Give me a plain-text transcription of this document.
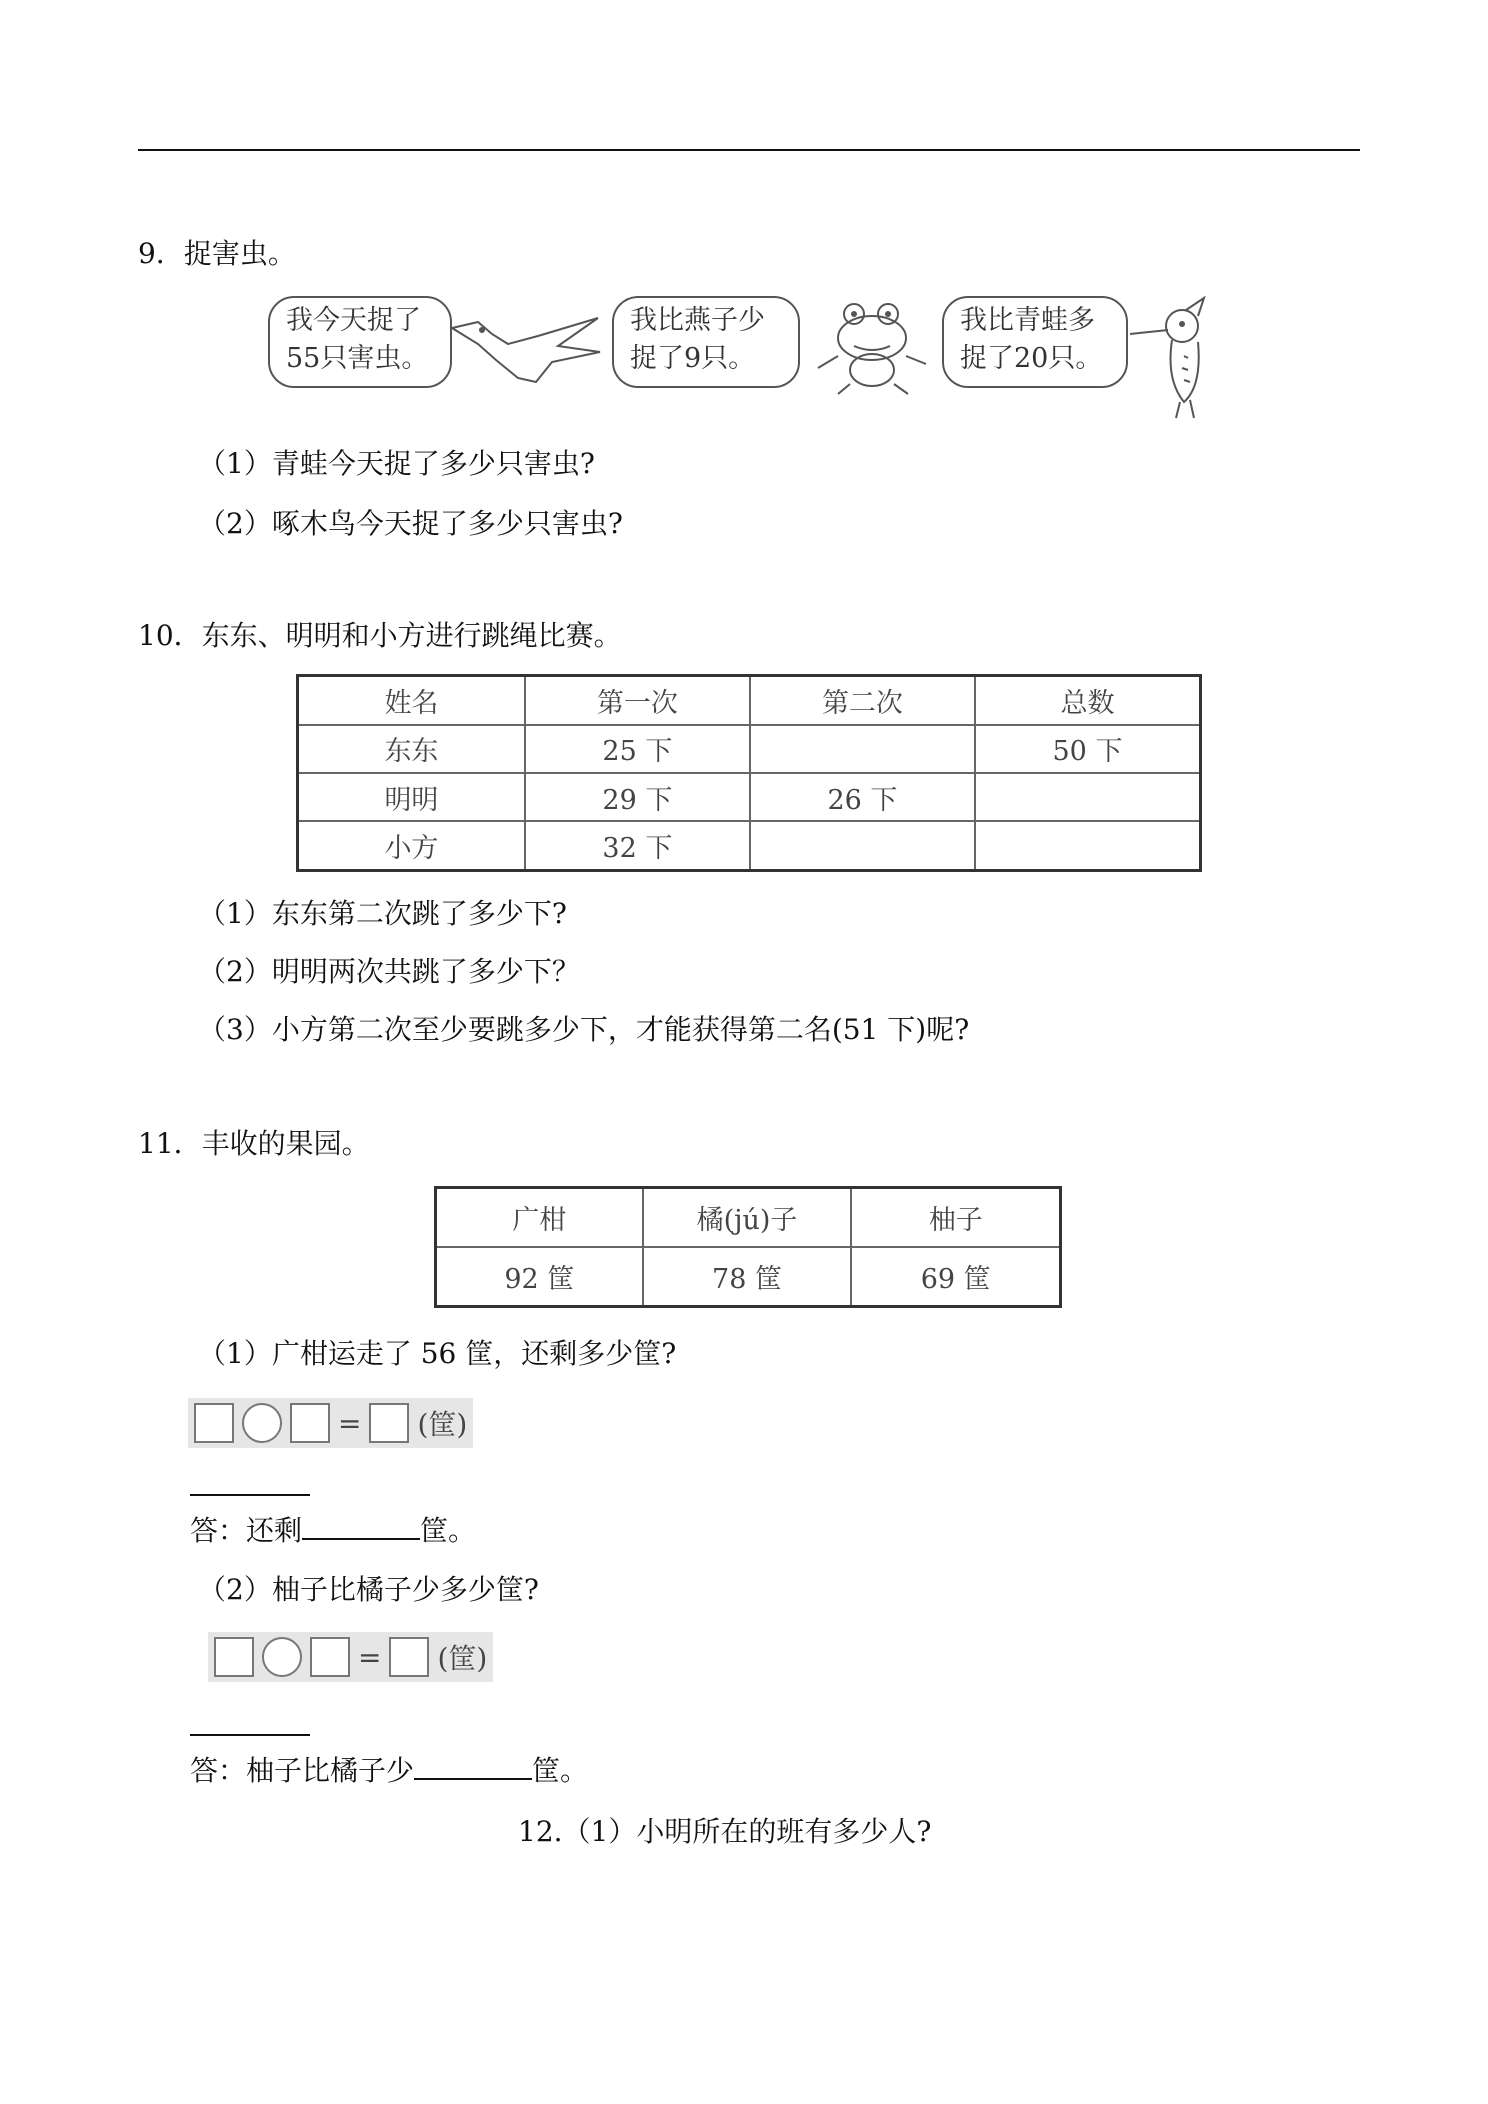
9．捉害虫。
我今天捉了
55只害虫。
我比燕子少
捉了9只。
我比青蛙多
捉了20只。
（1）青蛙今天捉了多少只害虫?
（2）啄木鸟今天捉了多少只害虫?
10．东东、明明和小方进行跳绳比赛。
姓名	第一次	第二次	总数
东东	25 下		50 下
明明	29 下	26 下	
小方	32 下		
（1）东东第二次跳了多少下?
（2）明明两次共跳了多少下？
（3）小方第二次至少要跳多少下，才能获得第二名(51 下)呢?
11．丰收的果园。
广柑	橘(jú)子	柚子
92 筐	78 筐	69 筐
（1）广柑运走了 56 筐，还剩多少筐?
= (筐)
答：还剩	筐。
（2）柚子比橘子少多少筐?
= (筐)
答：柚子比橘子少	筐。
12.（1）小明所在的班有多少人?
